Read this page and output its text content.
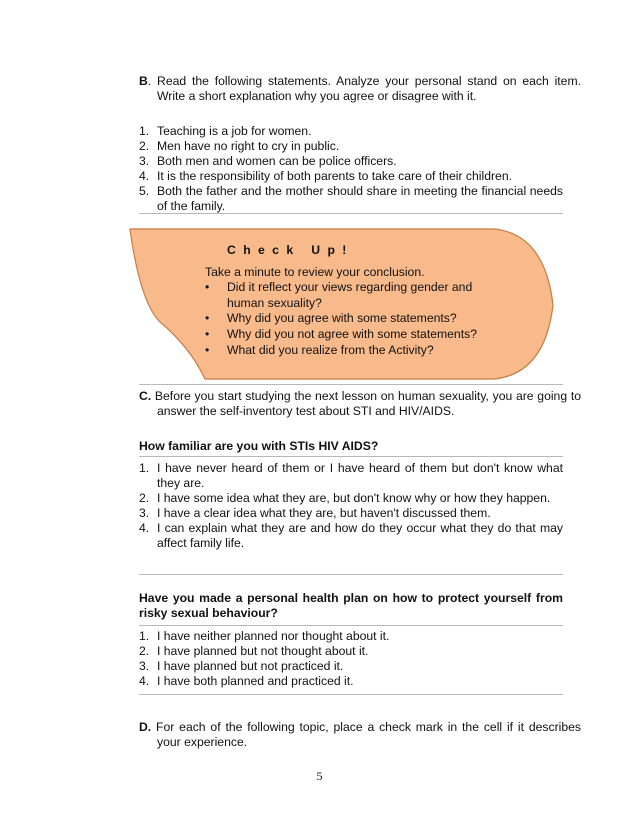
B. Read the following statements. Analyze your personal stand on each item. Write a short explanation why you agree or disagree with it.
1. Teaching is a job for women.
2. Men have no right to cry in public.
3. Both men and women can be police officers.
4. It is the responsibility of both parents to take care of their children.
5. Both the father and the mother should share in meeting the financial needs of the family.
C h e c k   U p !
Take a minute to review your conclusion.
• Did it reflect your views regarding gender and human sexuality?
• Why did you agree with some statements?
• Why did you not agree with some statements?
• What did you realize from the Activity?
C. Before you start studying the next lesson on human sexuality, you are going to answer the self-inventory test about STI and HIV/AIDS.
How familiar are you with STIs HIV AIDS?
1. I have never heard of them or I have heard of them but don't know what they are.
2. I have some idea what they are, but don't know why or how they happen.
3. I have a clear idea what they are, but haven't discussed them.
4. I can explain what they are and how do they occur what they do that may affect family life.
Have you made a personal health plan on how to protect yourself from risky sexual behaviour?
1. I have neither planned nor thought about it.
2. I have planned but not thought about it.
3. I have planned but not practiced it.
4. I have both planned and practiced it.
D. For each of the following topic, place a check mark in the cell if it describes your experience.
5
